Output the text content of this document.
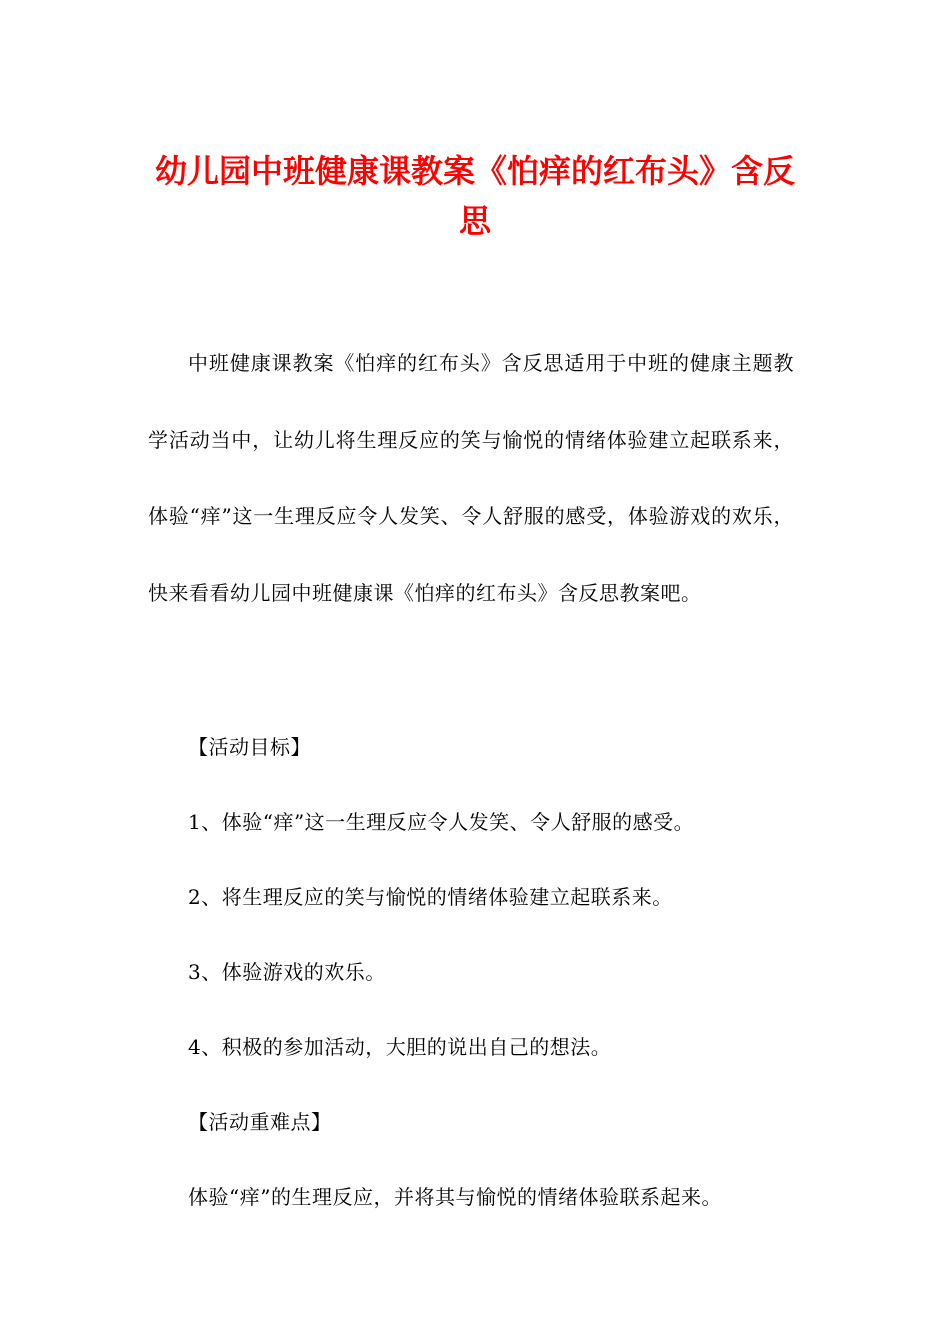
幼儿园中班健康课教案《怕痒的红布头》含反思

中班健康课教案《怕痒的红布头》含反思适用于中班的健康主题教学活动当中，让幼儿将生理反应的笑与愉悦的情绪体验建立起联系来，体验“痒”这一生理反应令人发笑、令人舒服的感受，体验游戏的欢乐，快来看看幼儿园中班健康课《怕痒的红布头》含反思教案吧。

【活动目标】

1、体验“痒”这一生理反应令人发笑、令人舒服的感受。

2、将生理反应的笑与愉悦的情绪体验建立起联系来。

3、体验游戏的欢乐。

4、积极的参加活动，大胆的说出自己的想法。

【活动重难点】

体验“痒”的生理反应，并将其与愉悦的情绪体验联系起来。
